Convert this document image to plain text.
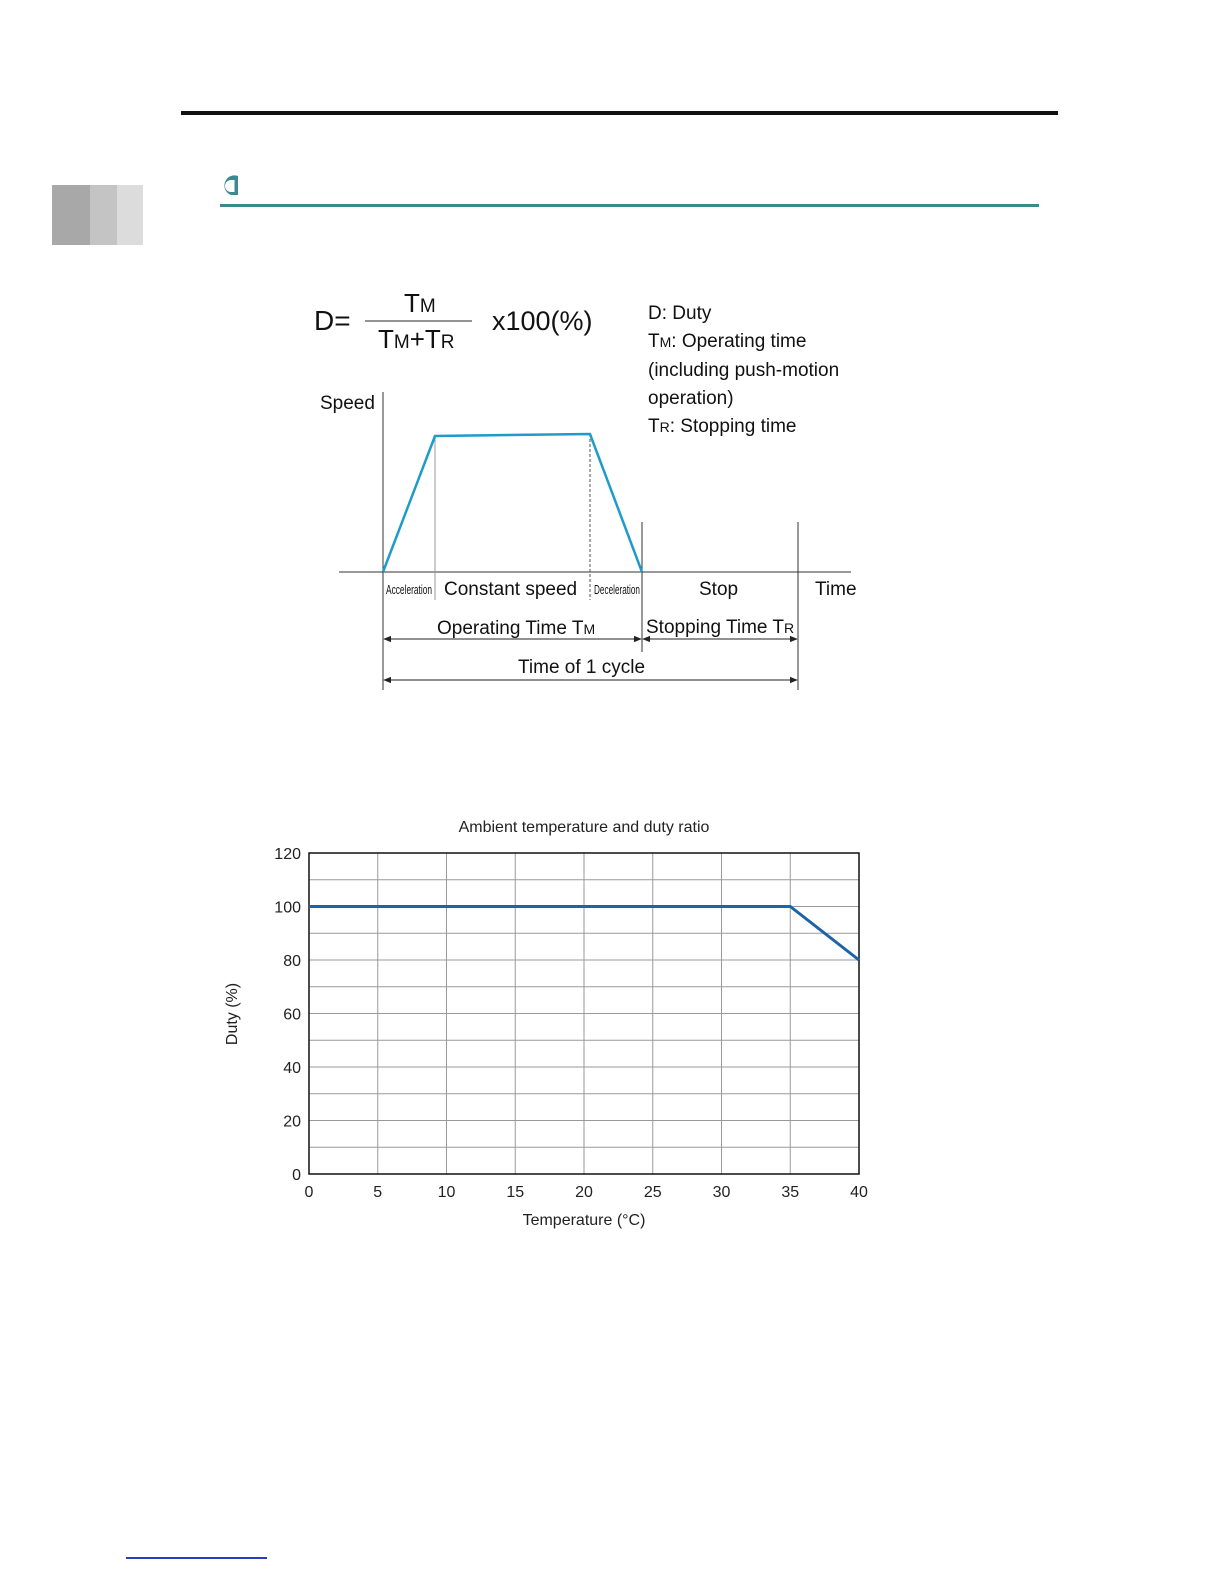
D=
TM
TM+TR
x100(%)	D: Duty
TM: Operating time
(including push-motion
operation)
TR: Stopping time
Speed
Time
Acceleration Constant speed Deceleration	Stop
Operating Time TM	Stopping Time TR
Time of 1 cycle
Ambient temperature and duty ratio
0	5	10	15	20	25	30	35	40
0
20
40
60
80
100
120
Temperature (°C)
Duty (%)
